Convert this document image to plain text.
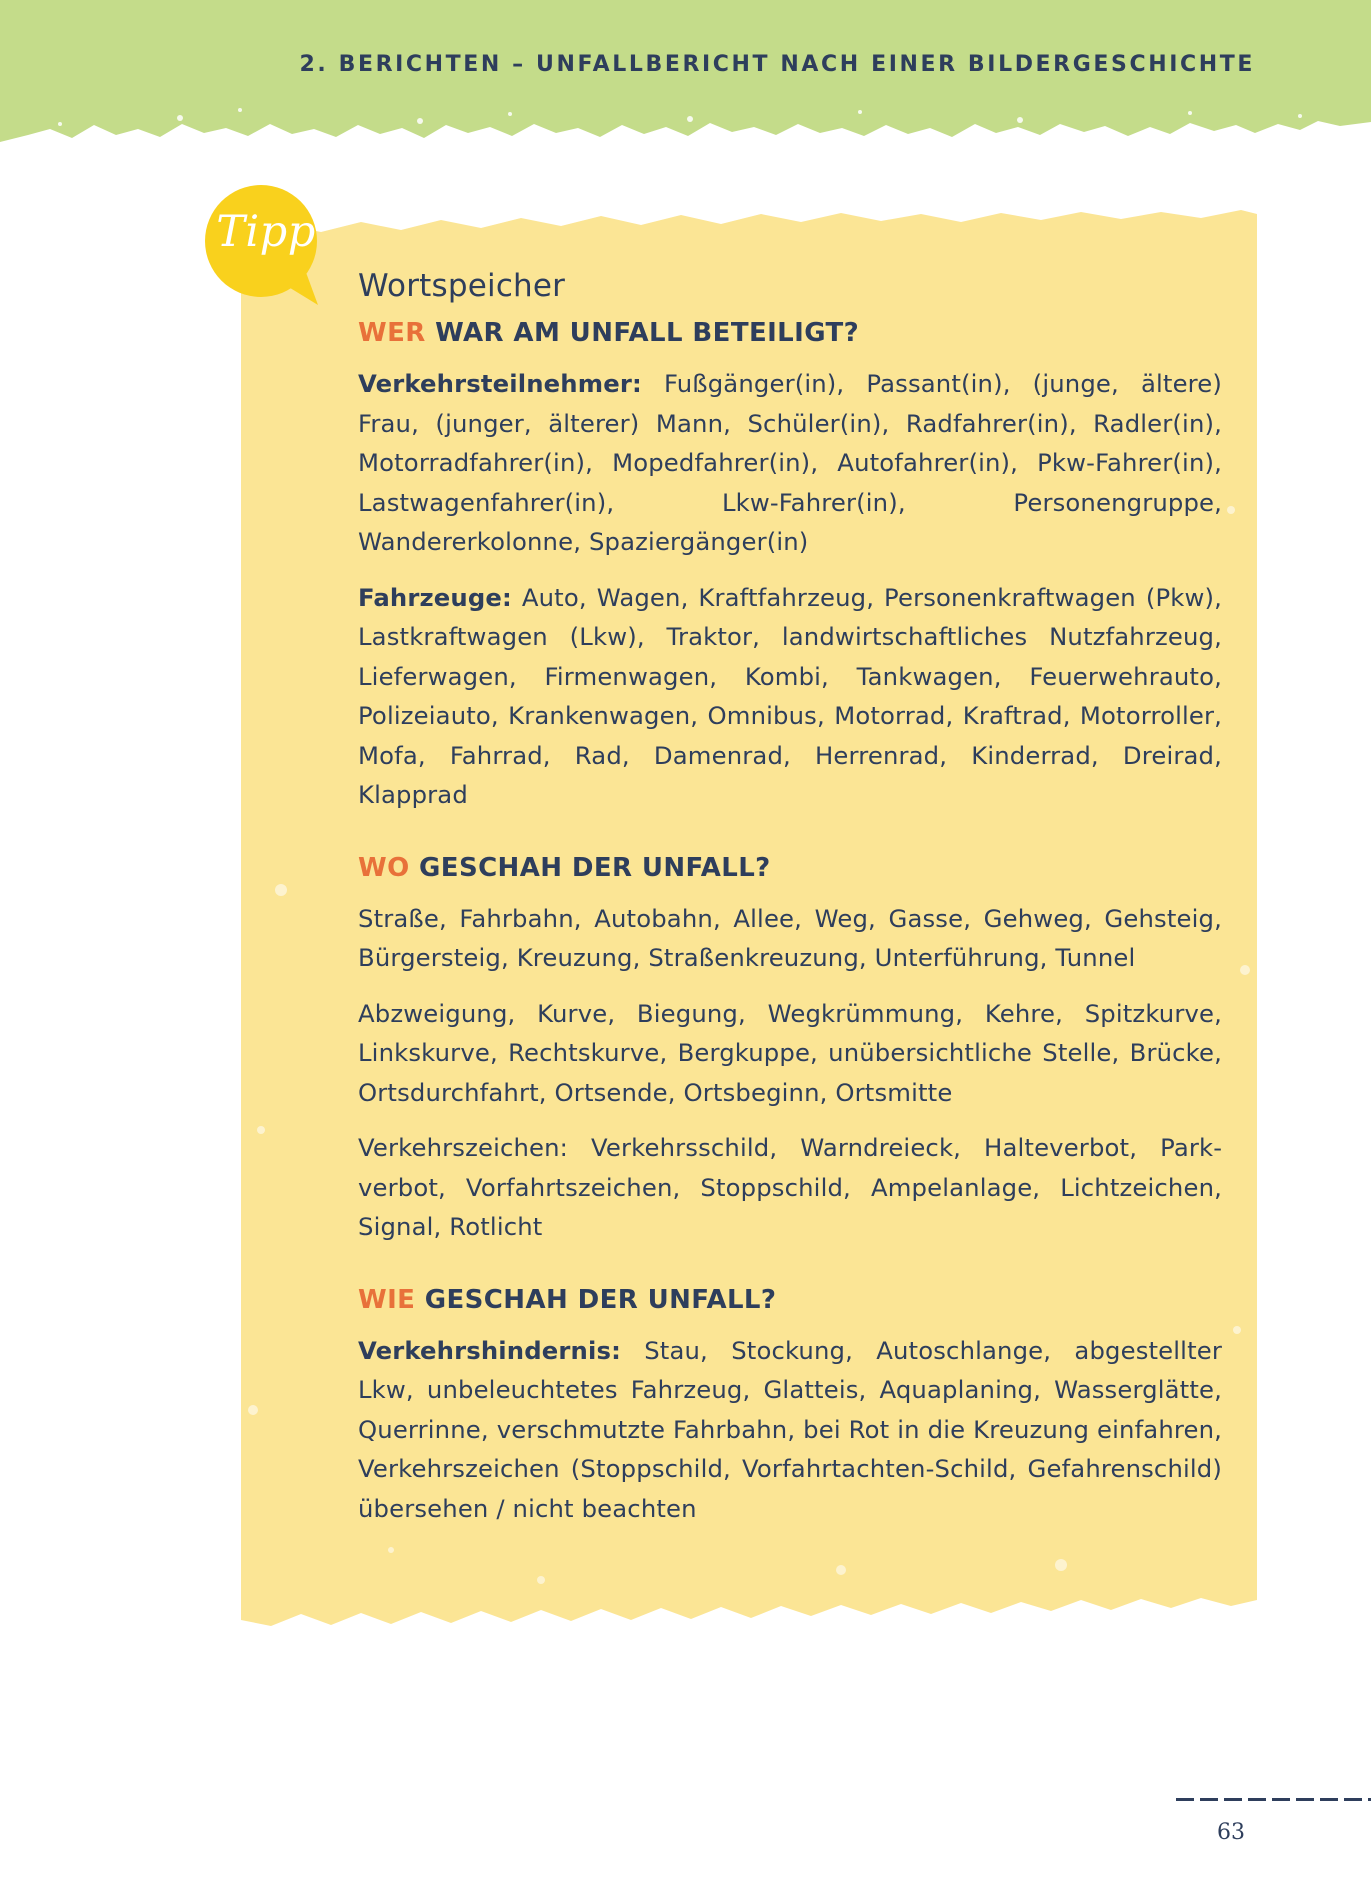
2. BERICHTEN – UNFALLBERICHT NACH EINER BILDERGESCHICHTE
Tipp
Wortspeicher
WER WAR AM UNFALL BETEILIGT?

Verkehrsteilnehmer: Fußgänger(in), Passant(in), (junge, ältere) Frau, (junger, älterer) Mann, Schüler(in), Radfahrer(in), Radler(in), Motorradfahrer(in), Mopedfahrer(in), Autofahrer(in), Pkw-Fahrer(in), Lastwagenfahrer(in), Lkw-Fahrer(in), Personengruppe, Wandererkolonne, Spaziergänger(in)

Fahrzeuge: Auto, Wagen, Kraftfahrzeug, Personenkraftwagen (Pkw), Lastkraftwagen (Lkw), Traktor, landwirtschaftliches Nutzfahrzeug, Lieferwagen, Firmenwagen, Kombi, Tankwagen, Feuerwehrauto, Polizeiauto, Krankenwagen, Omnibus, Motorrad, Kraftrad, Motorroller, Mofa, Fahrrad, Rad, Damenrad, Herrenrad, Kinderrad, Dreirad, Klapprad

WO GESCHAH DER UNFALL?

Straße, Fahrbahn, Autobahn, Allee, Weg, Gasse, Gehweg, Gehsteig, Bürgersteig, Kreuzung, Straßenkreuzung, Unterführung, Tunnel

Abzweigung, Kurve, Biegung, Wegkrümmung, Kehre, Spitzkurve, Linkskurve, Rechtskurve, Bergkuppe, unübersichtliche Stelle, Brücke, Ortsdurchfahrt, Ortsende, Ortsbeginn, Ortsmitte

Verkehrszeichen: Verkehrsschild, Warndreieck, Halteverbot, Parkverbot, Vorfahrtszeichen, Stoppschild, Ampelanlage, Lichtzeichen, Signal, Rotlicht

WIE GESCHAH DER UNFALL?

Verkehrshindernis: Stau, Stockung, Autoschlange, abgestellter Lkw, unbeleuchtetes Fahrzeug, Glatteis, Aquaplaning, Wasserglätte, Querrinne, verschmutzte Fahrbahn, bei Rot in die Kreuzung einfahren, Verkehrszeichen (Stoppschild, Vorfahrtachten-Schild, Gefahrenschild) übersehen / nicht beachten

63
